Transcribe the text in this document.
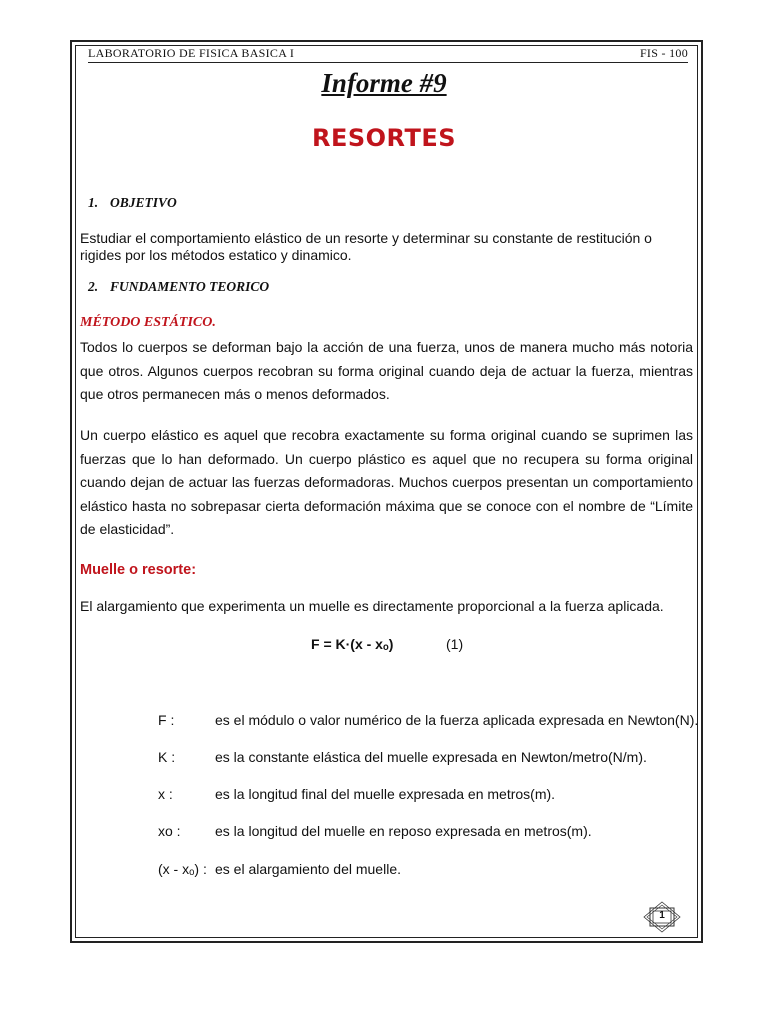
LABORATORIO DE FISICA BASICA I	FIS - 100
Informe #9
RESORTES
1. OBJETIVO
Estudiar el comportamiento elástico de un resorte y determinar su constante de restitución o rigides por los métodos estatico y dinamico.
2. FUNDAMENTO TEORICO
MÉTODO ESTÁTICO.
Todos lo cuerpos se deforman bajo la acción de una fuerza, unos de manera mucho más notoria que otros. Algunos cuerpos recobran su forma original cuando deja de actuar la fuerza, mientras que otros permanecen más o menos deformados.
Un cuerpo elástico es aquel que recobra exactamente su forma original cuando se suprimen las fuerzas que lo han deformado. Un cuerpo plástico es aquel que no recupera su forma original cuando dejan de actuar las fuerzas deformadoras. Muchos cuerpos presentan un comportamiento elástico hasta no sobrepasar cierta deformación máxima que se conoce con el nombre de “Límite de elasticidad”.
Muelle o resorte:
El alargamiento que experimenta un muelle es directamente proporcional a la fuerza aplicada.
F = K·(x - xₒ)	(1)
F :	es el módulo o valor numérico de la fuerza aplicada expresada en Newton(N).
K :	es la constante elástica del muelle expresada en Newton/metro(N/m).
x :	es la longitud final del muelle expresada en metros(m).
xo : es la longitud del muelle en reposo expresada en metros(m).
(x - xₒ) : es el alargamiento del muelle.
1
